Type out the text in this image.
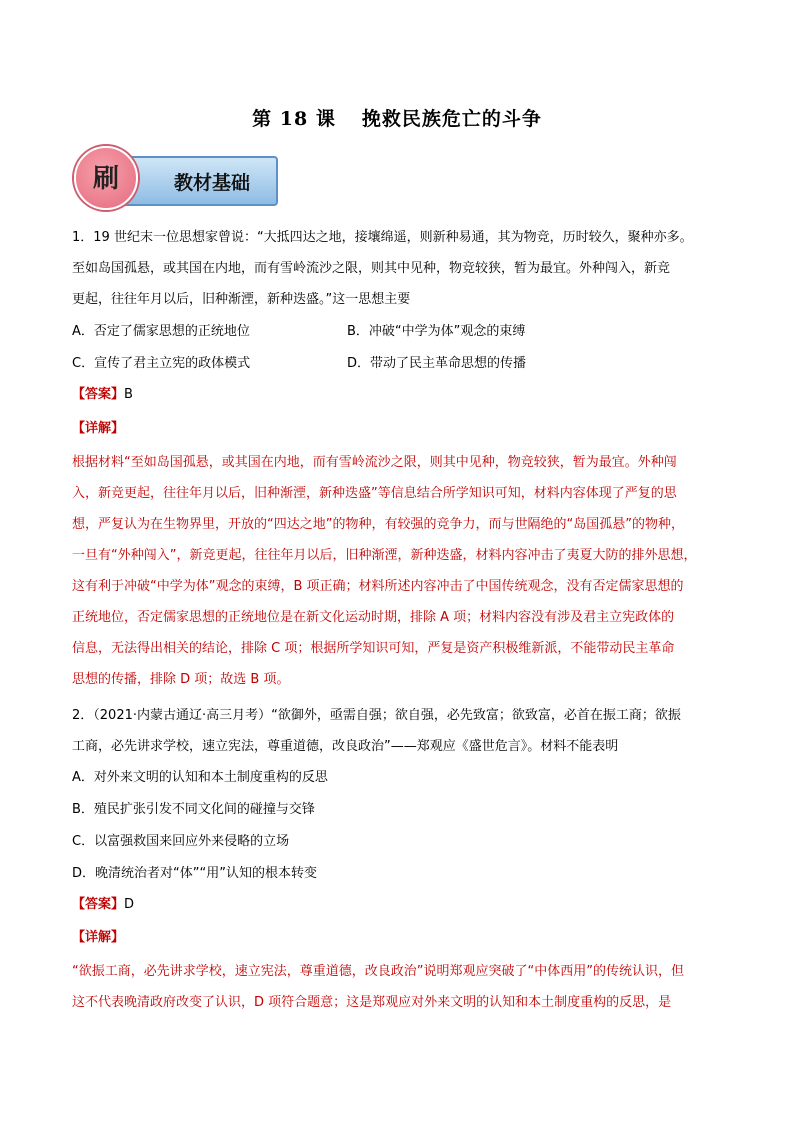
第 18 课 挽救民族危亡的斗争
教材基础
刷
1．19 世纪末一位思想家曾说：“大抵四达之地，接壤绵遥，则新种易通，其为物竞，历时较久，聚种亦多。
至如岛国孤悬，或其国在内地，而有雪岭流沙之限，则其中见种，物竞较狭，暂为最宜。外种闯入，新竞
更起，往往年月以后，旧种渐湮，新种迭盛。”这一思想主要
A．否定了儒家思想的正统地位	B．冲破“中学为体”观念的束缚
C．宣传了君主立宪的政体模式	D．带动了民主革命思想的传播
【答案】B
【详解】
根据材料“至如岛国孤悬，或其国在内地，而有雪岭流沙之限，则其中见种，物竞较狭，暂为最宜。外种闯
入，新竞更起，往往年月以后，旧种渐湮，新种迭盛”等信息结合所学知识可知，材料内容体现了严复的思
想，严复认为在生物界里，开放的“四达之地”的物种，有较强的竞争力，而与世隔绝的“岛国孤悬”的物种，
一旦有“外种闯入”，新竞更起，往往年月以后，旧种渐湮，新种迭盛，材料内容冲击了夷夏大防的排外思想，
这有利于冲破“中学为体”观念的束缚，B 项正确；材料所述内容冲击了中国传统观念，没有否定儒家思想的
正统地位，否定儒家思想的正统地位是在新文化运动时期，排除 A 项；材料内容没有涉及君主立宪政体的
信息，无法得出相关的结论，排除 C 项；根据所学知识可知，严复是资产积极维新派，不能带动民主革命
思想的传播，排除 D 项；故选 B 项。
2．（2021·内蒙古通辽·高三月考）“欲御外，亟需自强；欲自强，必先致富；欲致富，必首在振工商；欲振
工商，必先讲求学校，速立宪法，尊重道德，改良政治”——郑观应《盛世危言》。材料不能表明
A．对外来文明的认知和本土制度重构的反思
B．殖民扩张引发不同文化间的碰撞与交锋
C．以富强救国来回应外来侵略的立场
D．晚清统治者对“体”“用”认知的根本转变
【答案】D
【详解】
“欲振工商，必先讲求学校，速立宪法，尊重道德，改良政治”说明郑观应突破了“中体西用”的传统认识，但
这不代表晚清政府改变了认识，D 项符合题意；这是郑观应对外来文明的认知和本土制度重构的反思，是
